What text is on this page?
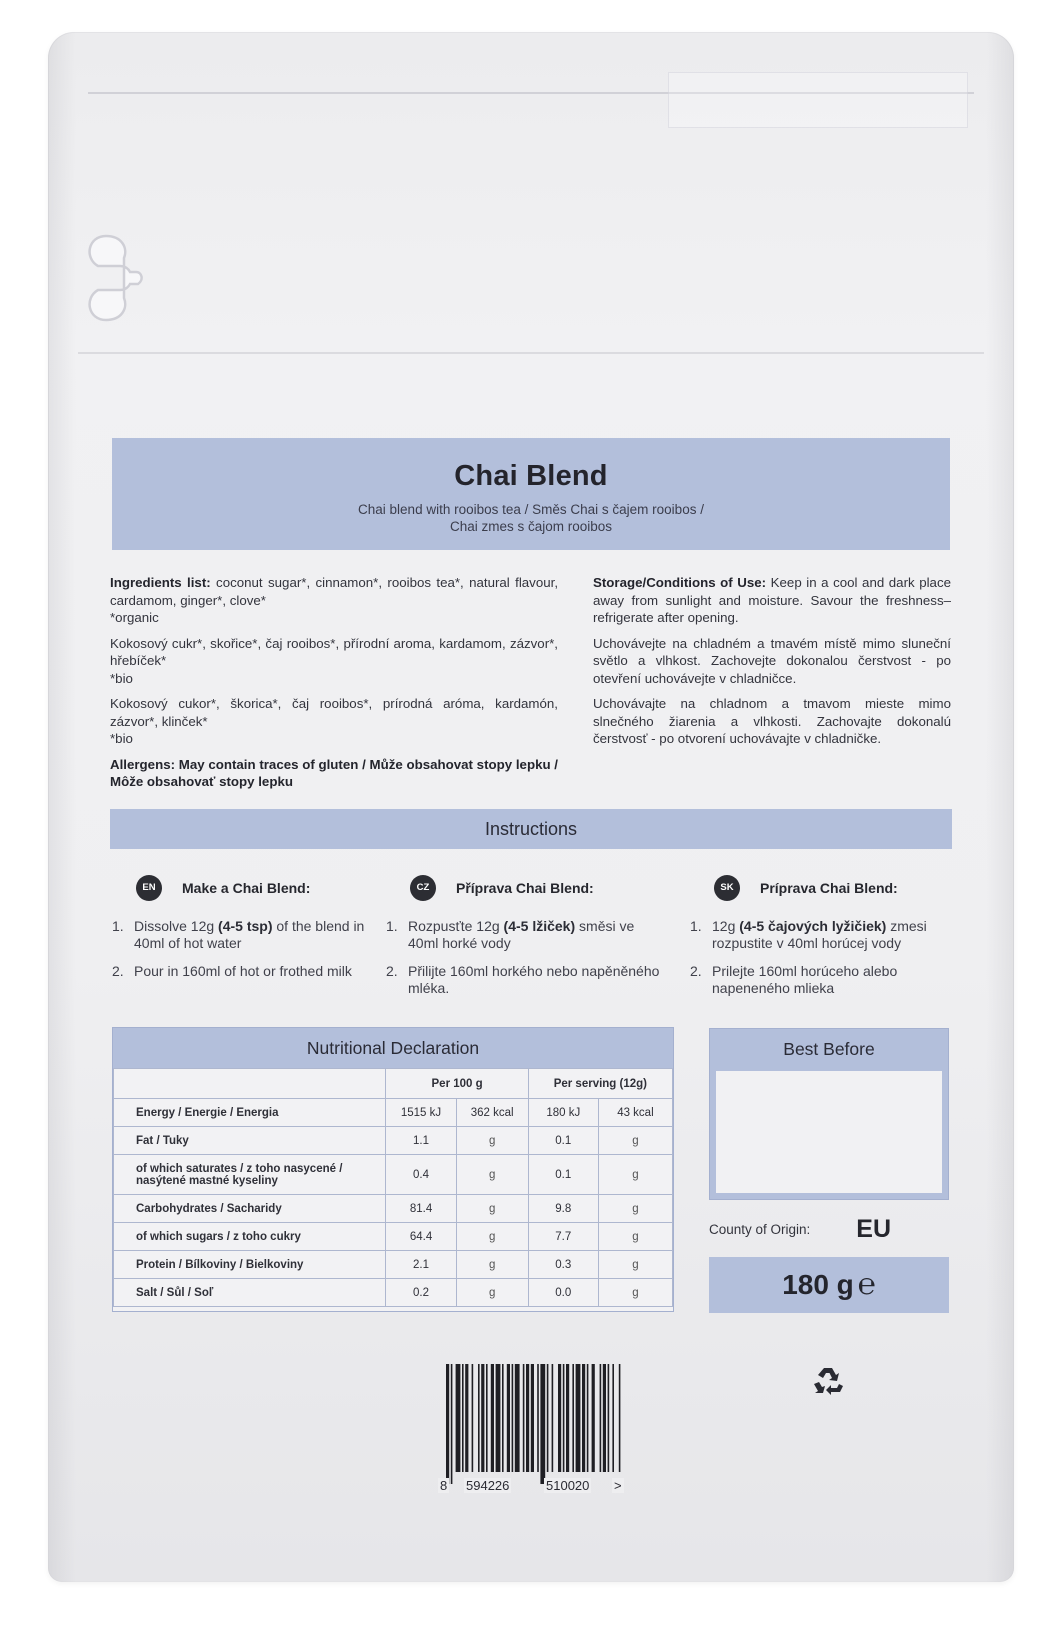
Chai Blend
Chai blend with rooibos tea / Směs Chai s čajem rooibos /
Chai zmes s čajom rooibos

Ingredients list: coconut sugar*, cinnamon*, rooibos tea*, natural flavour, cardamom, ginger*, clove*
*organic

Kokosový cukr*, skořice*, čaj rooibos*, přírodní aroma, kardamom, zázvor*, hřebíček*
*bio

Kokosový cukor*, škorica*, čaj rooibos*, prírodná aróma, kardamón, zázvor*, klinček*
*bio

Allergens: May contain traces of gluten / Může obsahovat stopy lepku / Môže obsahovať stopy lepku

Storage/Conditions of Use: Keep in a cool and dark place away from sunlight and moisture. Savour the freshness–refrigerate after opening.

Uchovávejte na chladném a tmavém místě mimo sluneční světlo a vlhkost. Zachovejte dokonalou čerstvost - po otevření uchovávejte v chladničce.

Uchovávajte na chladnom a tmavom mieste mimo slnečného žiarenia a vlhkosti. Zachovajte dokonalú čerstvosť - po otvorení uchovávajte v chladničke.

Instructions
EN	Make a Chai Blend:
1. Dissolve 12g (4-5 tsp) of the blend in 40ml of hot water
2. Pour in 160ml of hot or frothed milk
CZ	Příprava Chai Blend:
1. Rozpusťte 12g (4-5 lžiček) směsi ve 40ml horké vody
2. Přilijte 160ml horkého nebo napěněného mléka.
SK	Príprava Chai Blend:
1. 12g (4-5 čajových lyžičiek) zmesi rozpustite v 40ml horúcej vody
2. Prilejte 160ml horúceho alebo napeneného mlieka
Nutritional Declaration
	Per 100 g		Per serving (12g)	
Energy / Energie / Energia	1515 kJ	362 kcal	180 kJ	43 kcal
Fat / Tuky	1.1	g	0.1	g
of which saturates / z toho nasycené / nasýtené mastné kyseliny	0.4	g	0.1	g
Carbohydrates / Sacharidy	81.4	g	9.8	g
of which sugars / z toho cukry	64.4	g	7.7	g
Protein / Bílkoviny / Bielkoviny	2.1	g	0.3	g
Salt / Sůl / Soľ	0.2	g	0.0	g
Best Before
County of Origin: EU
180 g ℮
8 594226	510020 >
